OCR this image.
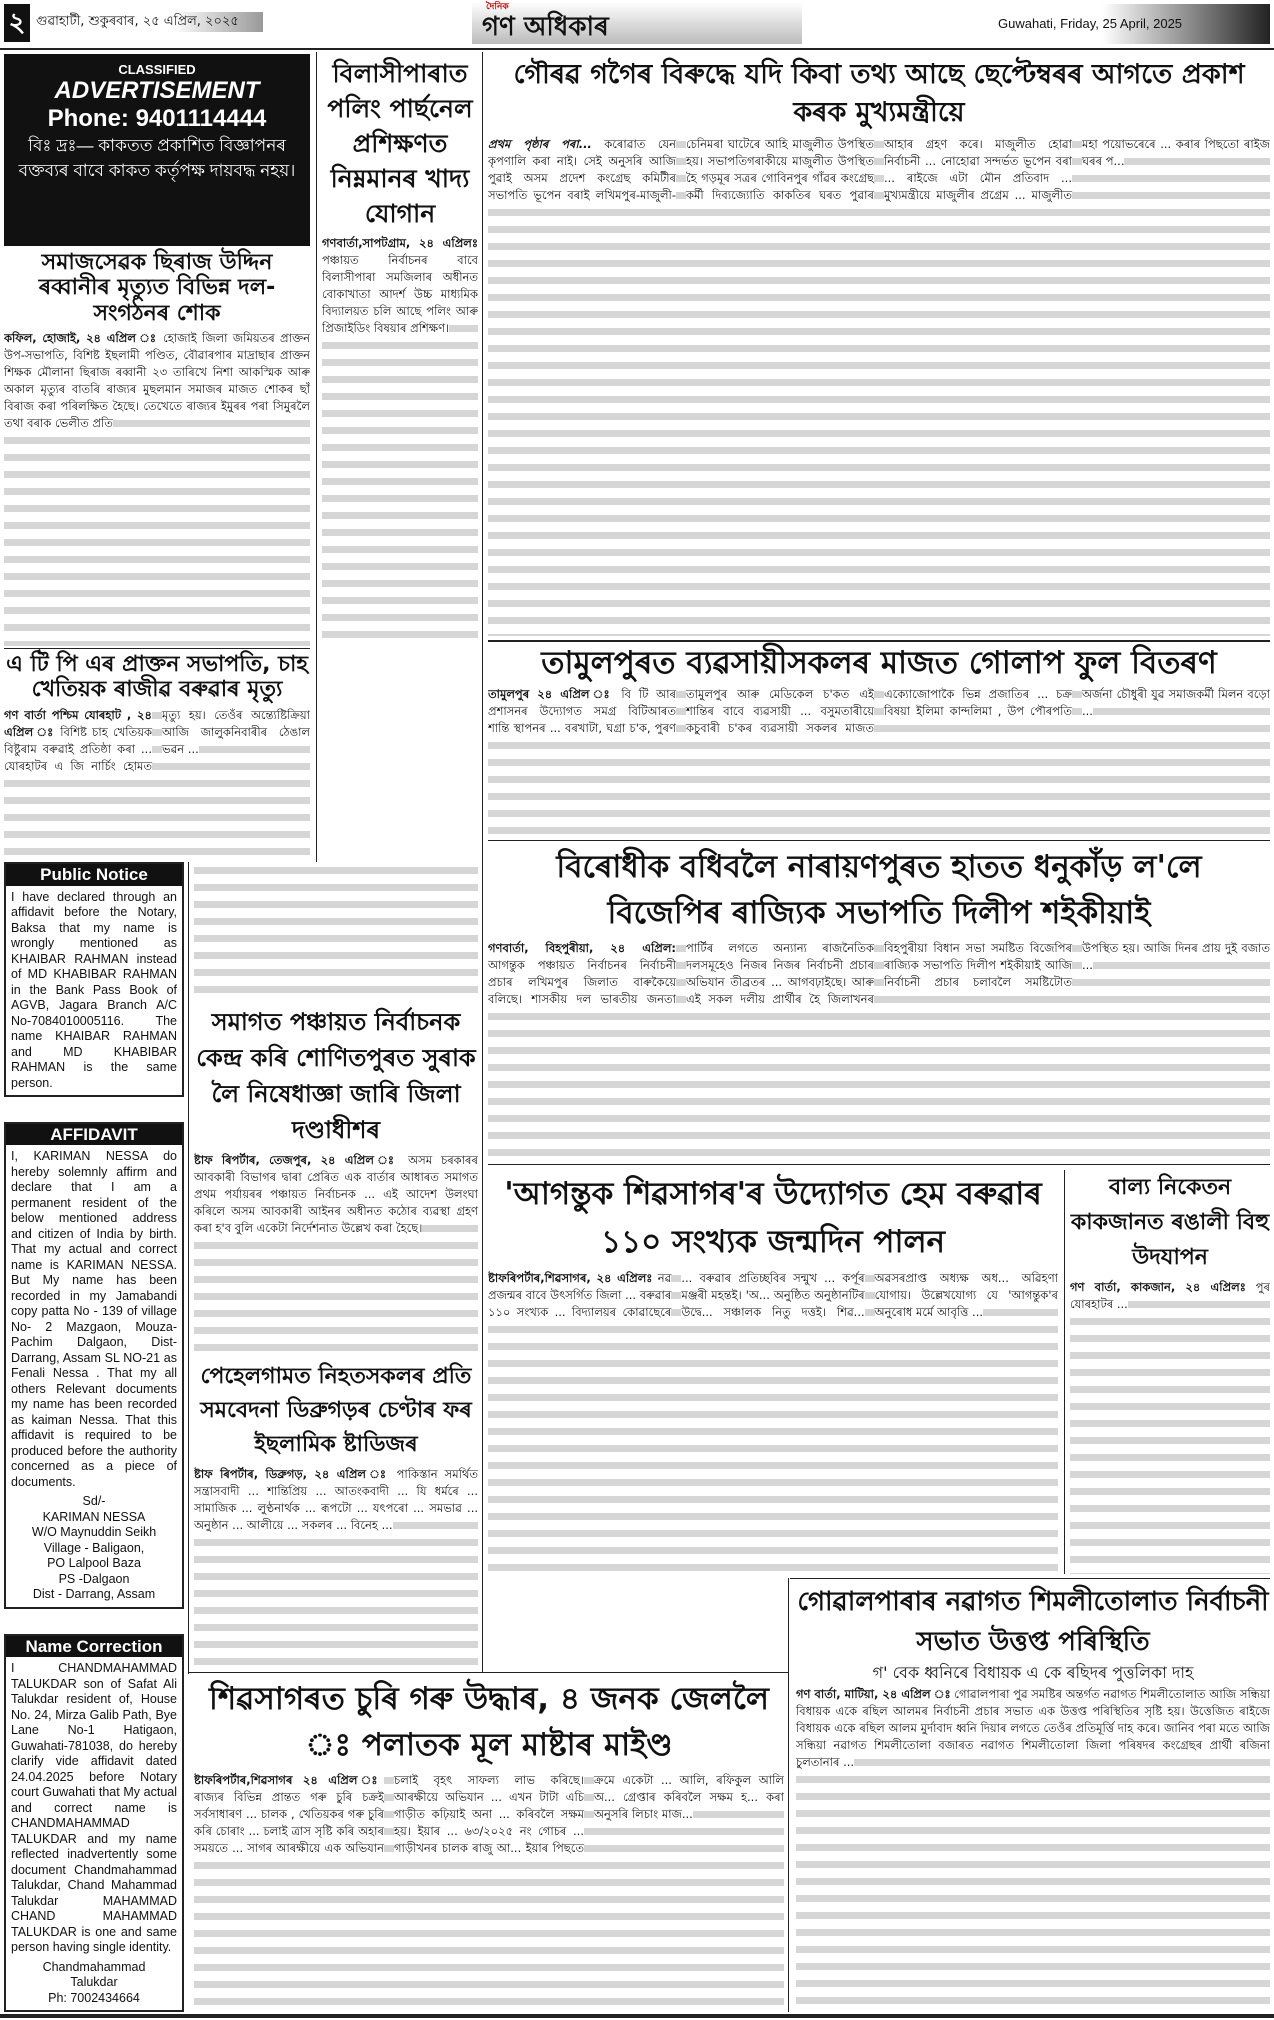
২ গুৱাহাটী, শুকুৰবাৰ, ২৫ এপ্ৰিল, ২০২৫
দৈনিক
গণ অধিকাৰ	Guwahati, Friday, 25 April, 2025
CLASSIFIED
ADVERTISEMENT
Phone: 9401114444
বিঃ দ্ৰঃ— কাকতত প্ৰকাশিত বিজ্ঞাপনৰ বক্তব্যৰ বাবে কাকত কৰ্তৃপক্ষ দায়বদ্ধ নহয়।
সমাজসেৱক ছিৰাজ উদ্দিন ৰব্বানীৰ মৃত্যুত বিভিন্ন দল-সংগঠনৰ শোক

কফিল, হোজাই, ২৪ এপ্ৰিল ঃ হোজাই জিলা জমিয়তৰ প্ৰাক্তন উপ-সভাপতি, বিশিষ্ট ইছলামী পণ্ডিত, বৌৱাৰপাৰ মাদ্ৰাছাৰ প্ৰাক্তন শিক্ষক মৌলানা ছিৰাজ ৰব্বানী ২৩ তাৰিখে নিশা আকস্মিক আৰু অকাল মৃত্যুৰ বাতৰি ৰাজ্যৰ মুছলমান সমাজৰ মাজত শোকৰ ছাঁ বিৰাজ কৰা পৰিলক্ষিত হৈছে। তেখেতে ৰাজ্যৰ ইমুৰৰ পৰা সিমুৰলৈ তথা বৰাক ভেলীত প্ৰতি

এ টি পি এৰ প্ৰাক্তন সভাপতি, চাহ খেতিয়ক ৰাজীৱ বৰুৱাৰ মৃত্যু

গণ বাৰ্তা পশ্চিম যোৰহাট , ২৪ এপ্ৰিল ঃ বিশিষ্ট চাহ খেতিয়ক বিষ্টুৰাম বৰুৱাই প্ৰতিষ্ঠা কৰা ... যোৰহাটৰ এ জি নাৰ্চিং হোমত মৃত্যু হয়। তেওঁৰ অন্ত্যেষ্টিক্ৰিয়া আজি জালুকনিবাৰীৰ ঠেঙাল ভৱন ...

Public Notice
I have declared through an affidavit before the Notary, Baksa that my name is wrongly mentioned as KHAIBAR RAHMAN instead of MD KHABIBAR RAHMAN in the Bank Pass Book of AGVB, Jagara Branch A/C No-7084010005116. The name KHAIBAR RAHMAN and MD KHABIBAR RAHMAN is the same person.
AFFIDAVIT
I, KARIMAN NESSA do hereby solemnly affirm and declare that I am a permanent resident of the below mentioned address and citizen of India by birth. That my actual and correct name is KARIMAN NESSA. But My name has been recorded in my Jamabandi copy patta No - 139 of village No- 2 Mazgaon, Mouza-Pachim Dalgaon, Dist-Darrang, Assam SL NO-21 as Fenali Nessa . That my all others Relevant documents my name has been recorded as kaiman Nessa. That this affidavit is required to be produced before the authority concerned as a piece of documents.
Sd/-
KARIMAN NESSA
W/O Maynuddin Seikh
Village - Baligaon,
PO Lalpool Baza
PS -Dalgaon
Dist - Darrang, Assam
Name Correction
I CHANDMAHAMMAD TALUKDAR son of Safat Ali Talukdar resident of, House No. 24, Mirza Galib Path, Bye Lane No-1 Hatigaon, Guwahati-781038, do hereby clarify vide affidavit dated 24.04.2025 before Notary court Guwahati that My actual and correct name is CHANDMAHAMMAD TALUKDAR and my name reflected inadvertently some document Chandmahammad Talukdar, Chand Mahammad Talukdar MAHAMMAD CHAND MAHAMMAD TALUKDAR is one and same person having single identity.
Chandmahammad
Talukdar
Ph: 7002434664
বিলাসীপাৰাত পলিং পাৰ্ছনেল প্ৰশিক্ষণত নিম্নমানৰ খাদ্য যোগান

গণবাৰ্তা,সাপটগ্ৰাম, ২৪ এপ্ৰিলঃ পঞ্চায়ত নিৰ্বাচনৰ বাবে বিলাসীপাৰা সমজিলাৰ অধীনত বোকাখাতা আদৰ্শ উচ্চ মাধ্যমিক বিদ্যালয়ত চলি আছে পলিং আৰু প্ৰিজাইডিং বিষয়াৰ প্ৰশিক্ষণ।

গৌৰৱ গগৈৰ বিৰুদ্ধে যদি কিবা তথ্য আছে ছেপ্টেম্বৰৰ আগতে প্ৰকাশ কৰক মুখ্যমন্ত্ৰীয়ে

প্ৰথম পৃষ্ঠাৰ পৰা... কৰোৱাত যেন কৃপণালি কৰা নাই। সেই অনুসৰি আজি পুৱাই অসম প্ৰদেশ কংগ্ৰেছ কমিটীৰ সভাপতি ভূপেন বৰাই লখিমপুৰ-মাজুলী-চেনিমৰা ঘাটেৰে আহি মাজুলীত উপস্থিত হয়। সভাপতিগৰাকীয়ে মাজুলীত উপস্থিত হৈ গড়মূৰ সত্ৰৰ গোবিনপুৰ গাঁৱৰ কংগ্ৰেছ কৰ্মী দিব্যজ্যোতি কাকতিৰ ঘৰত পুৱাৰ আহাৰ গ্ৰহণ কৰে। মাজুলীত হোৱা নিৰ্বাচনী ... নোহোৱা সন্দৰ্ভত ভূপেন বৰা ... ৰাইজে এটা মৌন প্ৰতিবাদ ... মুখ্যমন্ত্ৰীয়ে মাজুলীৰ প্ৰগ্ৰেম ... মাজুলীত মহা পয়োভৰেৰে ... কৰাৰ পিছতো ৰাইজ ঘৰৰ প...

তামুলপুৰত ব্যৱসায়ীসকলৰ মাজত গোলাপ ফুল বিতৰণ

তামুলপুৰ ২৪ এপ্ৰিল ঃ বি টি আৰ প্ৰশাসনৰ উদ্যোগত সমগ্ৰ বিটিআৰত শান্তি স্থাপনৰ ... বৰখাটা, ঘগ্ৰা চ'ক, পুৰণ তামুলপুৰ আৰু মেডিকেল চ'কত এই শান্তিৰ বাবে ব্যৱসায়ী ... বসুমতাৰীয়ে কচুবাৰী চ'কৰ ব্যৱসায়ী সকলৰ মাজত এক্যোজোপাকৈ ভিন্ন প্ৰজাতিৰ ... চক্ৰ বিষয়া ইলিমা কান্দলিমা , উপ পৌৰপতি অৰ্জনা চৌধুৰী যুৱ সমাজকৰ্মী মিলন বড়ো ...

বিৰোধীক বধিবলৈ নাৰায়ণপুৰত হাতত ধনুকাঁড় ল'লে বিজেপিৰ ৰাজ্যিক সভাপতি দিলীপ শইকীয়াই

গণবাৰ্তা, বিহপুৰীয়া, ২৪ এপ্ৰিল: আগন্তুক পঞ্চায়ত নিৰ্বাচনৰ নিৰ্বাচনী প্ৰচাৰ লখিমপুৰ জিলাত বাৰুকৈয়ে বলিছে। শাসকীয় দল ভাৰতীয় জনতা পাৰ্টিৰ লগতে অন্যান্য ৰাজনৈতিক দলসমূহেও নিজৰ নিজৰ নিৰ্বাচনী প্ৰচাৰ অভিযান তীব্ৰতৰ ... আগবঢ়াইছে। আৰু এই সকল দলীয় প্ৰাৰ্থীৰ হৈ জিলাখনৰ বিহপুৰীয়া বিধান সভা সমষ্টিত বিজেপিৰ ৰাজ্যিক সভাপতি দিলীপ শইকীয়াই আজি নিৰ্বাচনী প্ৰচাৰ চলাবলৈ সমষ্টিটোত উপস্থিত হয়। আজি দিনৰ প্ৰায় দুই বজাত ...

সমাগত পঞ্চায়ত নিৰ্বাচনক কেন্দ্ৰ কৰি শোণিতপুৰত সুৰাক লৈ নিষেধাজ্ঞা জাৰি জিলা দণ্ডাধীশৰ

ষ্টাফ ৰিপৰ্টাৰ, তেজপুৰ, ২৪ এপ্ৰিল ঃ অসম চৰকাৰৰ আবকাৰী বিভাগৰ দ্বাৰা প্ৰেৰিত এক বাৰ্তাৰ আধাৰত সমাগত প্ৰথম পৰ্যায়ৰৰ পঞ্চায়ত নিৰ্বাচনক ... এই আদেশ উলংঘা কৰিলে অসম আবকাৰী আইনৰ অধীনত কঠোৰ ব্যৱস্থা গ্ৰহণ কৰা হ'ব বুলি একেটা নিৰ্দেশনাত উল্লেখ কৰা হৈছে।

পেহেলগামত নিহতসকলৰ প্ৰতি সমবেদনা ডিব্ৰুগড়ৰ চেণ্টাৰ ফৰ ইছলামিক ষ্টাডিজৰ

ষ্টাফ ৰিপৰ্টাৰ, ডিব্ৰুগড়, ২৪ এপ্ৰিল ঃ পাকিস্তান সমৰ্থিত সন্ত্ৰাসবাদী ... শান্তিপ্ৰিয় ... আতংকবাদী ... যি ধৰ্মৰে ... সামাজিক ... লুণ্ঠনাৰ্থক ... ৰূপটো ... যৎপৰো ... সমভাৱ ... অনুষ্ঠান ... আলীয়ে ... সকলৰ ... বিনেহ ...

'আগন্তুক শিৱসাগৰ'ৰ উদ্যোগত হেম বৰুৱাৰ ১১০ সংখ্যক জন্মদিন পালন

ষ্টাফৰিপৰ্টাৰ,শিৱসাগৰ, ২৪ এপ্ৰিলঃ নৱ প্ৰজন্মৰ বাবে উৎসৰ্গিত জিলা ... বৰুৱাৰ ১১০ সংখ্যক ... বিদ্যালয়ৰ কোৱাছেৰে ... বৰুৱাৰ প্ৰতিচ্ছবিৰ সন্মুখ ... কৰ্পূৰ মঞ্জৰী মহন্তই। 'অ... অনুষ্ঠিত অনুষ্ঠানটিৰ উদ্বে... সঞ্চালক নিতু দত্তই। শিৱ... অৱসৰপ্ৰাপ্ত অধ্যক্ষ অধ... অৱিহণা যোগায়। উল্লেখযোগ্য যে 'আগন্তুক'ৰ অনুৰোধ মৰ্মে আবৃত্তি ...

বাল্য নিকেতন কাকজানত ৰঙালী বিহু উদযাপন

গণ বাৰ্তা, কাকজান, ২৪ এপ্ৰিলঃ পুৰ যোৰহাটৰ ...

গোৱালপাৰাৰ নৱাগত শিমলীতোলাত নিৰ্বাচনী সভাত উত্তপ্ত পৰিস্থিতি
গ' বেক ধ্বনিৰে বিধায়ক এ কে ৰছিদৰ পুত্তলিকা দাহ

গণ বাৰ্তা, মাটিয়া, ২৪ এপ্ৰিল ঃ গোৱালপাৰা পুৱ সমষ্টিৰ অন্তৰ্গত নৱাগত শিমলীতোলাত আজি সন্ধিয়া বিধায়ক একে ৰছিল আলমৰ নিৰ্বাচনী প্ৰচাৰ সভাত এক উত্তপ্ত পৰিস্থিতিৰ সৃষ্টি হয়। উত্তেজিত ৰাইজে বিধায়ক একে ৰছিল আলম মুৰ্দাবাদ ধ্বনি দিয়াৰ লগতে তেওঁৰ প্ৰতিমূৰ্ত্তি দাহ কৰে। জানিব পৰা মতে আজি সন্ধিয়া নৱাগত শিমলীতোলা বজাৰত নৱাগত শিমলীতোলা জিলা পৰিষদৰ কংগ্ৰেছৰ প্ৰাৰ্থী ৰজিনা চুলতানাৰ ...

শিৱসাগৰত চুৰি গৰু উদ্ধাৰ, ৪ জনক জেললৈ ঃ পলাতক মূল মাষ্টাৰ মাইণ্ড

ষ্টাফৰিপৰ্টাৰ,শিৱসাগৰ ২৪ এপ্ৰিল ঃ ৰাজ্যৰ বিভিন্ন প্ৰান্তত গৰু চুৰি চক্ৰই সৰ্বসাধাৰণ ... চালক , খেতিয়কৰ গৰু চুৰি কৰি চোৰাং ... চলাই ত্ৰাস সৃষ্টি কৰি অহাৰ সময়তে ... সাগৰ আৰক্ষীয়ে এক অভিযান চলাই বৃহৎ সাফল্য লাভ কৰিছে। আৰক্ষীয়ে অভিযান ... এখন টাটা এচি গাড়ীত কঢ়িয়াই অনা ... কৰিবলৈ সক্ষম হয়। ইয়াৰ ... ৬৩/২০২৫ নং গোচৰ ... গাড়ীখনৰ চালক ৰাজু আ... ইয়াৰ পিছতে ক্ৰমে একেটা ... আলি, ৰফিকুল আলি অ... গ্ৰেপ্তাৰ কৰিবলৈ সক্ষম হ... কৰা অনুসৰি লিচাং মাজ...
